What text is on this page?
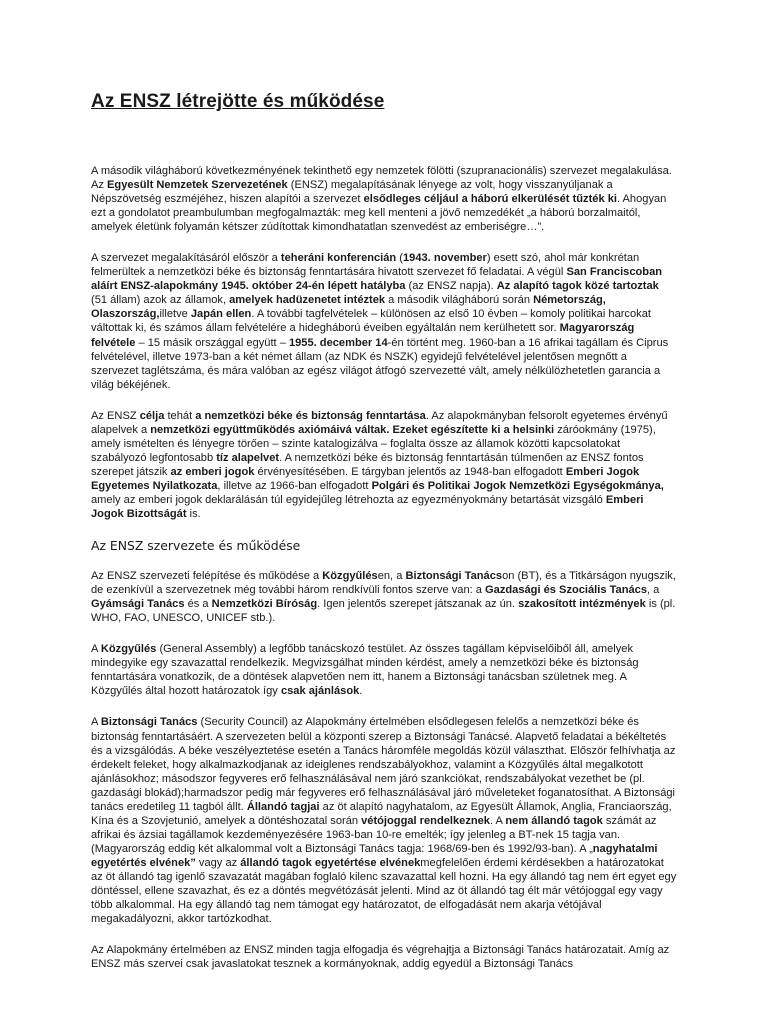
Az ENSZ létrejötte és működése

A második világháború következményének tekinthető egy nemzetek fölötti (szupranacionális) szervezet megalakulása. Az Egyesült Nemzetek Szervezetének (ENSZ) megalapításának lényege az volt, hogy visszanyúljanak a Népszövetség eszméjéhez, hiszen alapítói a szervezet elsődleges céljául a háború elkerülését tűzték ki. Ahogyan ezt a gondolatot preambulumban megfogalmazták: meg kell menteni a jövő nemzedékét „a háború borzalmaitól, amelyek életünk folyamán kétszer zúdítottak kimondhatatlan szenvedést az emberiségre…”.

A szervezet megalakításáról először a teheráni konferencián (1943. november) esett szó, ahol már konkrétan felmerültek a nemzetközi béke és biztonság fenntartására hivatott szervezet fő feladatai. A végül San Franciscoban aláírt ENSZ-alapokmány 1945. október 24-én lépett hatályba (az ENSZ napja). Az alapító tagok közé tartoztak (51 állam) azok az államok, amelyek hadüzenetet intéztek a második világháború során Németország, Olaszország,illetve Japán ellen. A további tagfelvételek – különösen az első 10 évben – komoly politikai harcokat váltottak ki, és számos állam felvételére a hidegháború éveiben egyáltalán nem kerülhetett sor. Magyarország felvétele – 15 másik országgal együtt – 1955. december 14-én történt meg. 1960-ban a 16 afrikai tagállam és Ciprus felvételével, illetve 1973-ban a két német állam (az NDK és NSZK) egyidejű felvételével jelentősen megnőtt a szervezet taglétszáma, és mára valóban az egész világot átfogó szervezetté vált, amely nélkülözhetetlen garancia a világ békéjének.

Az ENSZ célja tehát a nemzetközi béke és biztonság fenntartása. Az alapokmányban felsorolt egyetemes érvényű alapelvek a nemzetközi együttműködés axiómáivá váltak. Ezeket egészítette ki a helsinki záróokmány (1975), amely ismételten és lényegre törően – szinte katalogizálva – foglalta össze az államok közötti kapcsolatokat szabályozó legfontosabb tíz alapelvet. A nemzetközi béke és biztonság fenntartásán túlmenően az ENSZ fontos szerepet játszik az emberi jogok érvényesítésében. E tárgyban jelentős az 1948-ban elfogadott Emberi Jogok Egyetemes Nyilatkozata, illetve az 1966-ban elfogadott Polgári és Politikai Jogok Nemzetközi Egységokmánya, amely az emberi jogok deklarálásán túl egyidejűleg létrehozta az egyezményokmány betartását vizsgáló Emberi Jogok Bizottságát is.

Az ENSZ szervezete és működése

Az ENSZ szervezeti felépítése és működése a Közgyűlésen, a Biztonsági Tanácson (BT), és a Titkárságon nyugszik, de ezenkívül a szervezetnek még további három rendkívüli fontos szerve van: a Gazdasági és Szociális Tanács, a Gyámsági Tanács és a Nemzetközi Bíróság. Igen jelentős szerepet játszanak az ún. szakosított intézmények is (pl. WHO, FAO, UNESCO, UNICEF stb.).

A Közgyűlés (General Assembly) a legfőbb tanácskozó testület. Az összes tagállam képviselőiből áll, amelyek mindegyike egy szavazattal rendelkezik. Megvizsgálhat minden kérdést, amely a nemzetközi béke és biztonság fenntartására vonatkozik, de a döntések alapvetően nem itt, hanem a Biztonsági tanácsban születnek meg. A Közgyűlés által hozott határozatok így csak ajánlások.

A Biztonsági Tanács (Security Council) az Alapokmány értelmében elsődlegesen felelős a nemzetközi béke és biztonság fenntartásáért. A szervezeten belül a központi szerep a Biztonsági Tanácsé. Alapvető feladatai a békéltetés és a vizsgálódás. A béke veszélyeztetése esetén a Tanács háromféle megoldás közül választhat. Először felhívhatja az érdekelt feleket, hogy alkalmazkodjanak az ideiglenes rendszabályokhoz, valamint a Közgyűlés által megalkotott ajánlásokhoz; másodszor fegyveres erő felhasználásával nem járó szankciókat, rendszabályokat vezethet be (pl. gazdasági blokád);harmadszor pedig már fegyveres erő felhasználásával járó műveleteket foganatosíthat. A Biztonsági tanács eredetileg 11 tagból állt. Állandó tagjai az öt alapító nagyhatalom, az Egyesült Államok, Anglia, Franciaország, Kína és a Szovjetunió, amelyek a döntéshozatal során vétójoggal rendelkeznek. A nem állandó tagok számát az afrikai és ázsiai tagállamok kezdeményezésére 1963-ban 10-re emelték; így jelenleg a BT-nek 15 tagja van. (Magyarország eddig két alkalommal volt a Biztonsági Tanács tagja: 1968/69-ben és 1992/93-ban). A „nagyhatalmi egyetértés elvének” vagy az állandó tagok egyetértése elvénekmegfelelően érdemi kérdésekben a határozatokat az öt állandó tag igenlő szavazatát magában foglaló kilenc szavazattal kell hozni. Ha egy állandó tag nem ért egyet egy döntéssel, ellene szavazhat, és ez a döntés megvétózását jelenti. Mind az öt állandó tag élt már vétójoggal egy vagy több alkalommal. Ha egy állandó tag nem támogat egy határozatot, de elfogadását nem akarja vétójával megakadályozni, akkor tartózkodhat.

Az Alapokmány értelmében az ENSZ minden tagja elfogadja és végrehajtja a Biztonsági Tanács határozatait. Amíg az ENSZ más szervei csak javaslatokat tesznek a kormányoknak, addig egyedül a Biztonsági Tanács
